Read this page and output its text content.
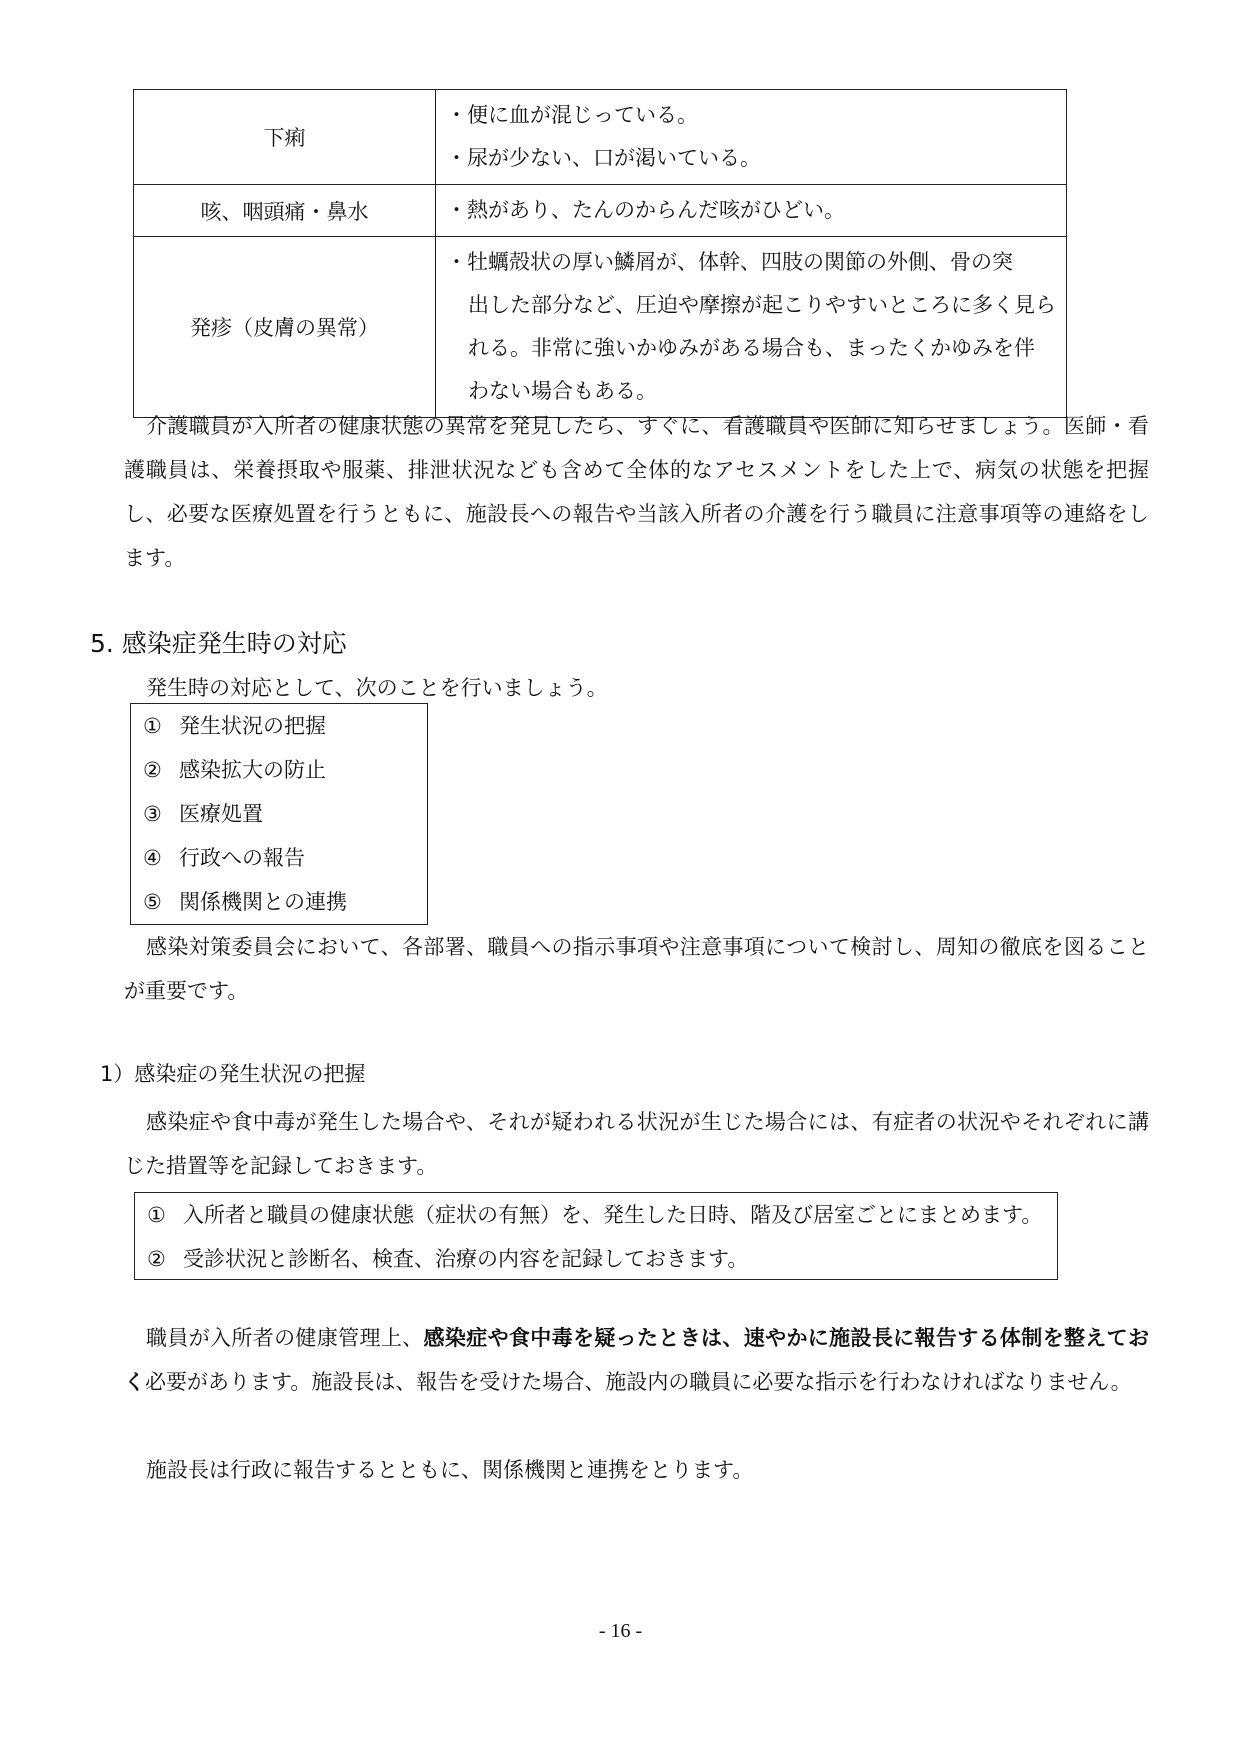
下痢	・便に血が混じっている。
・尿が少ない、口が渇いている。

咳、咽頭痛・鼻水	・熱があり、たんのからんだ咳がひどい。

発疹（皮膚の異常）	・牡蠣殻状の厚い鱗屑が、体幹、四肢の関節の外側、骨の突
出した部分など、圧迫や摩擦が起こりやすいところに多く見ら
れる。非常に強いかゆみがある場合も、まったくかゆみを伴
わない場合もある。

介護職員が入所者の健康状態の異常を発見したら、すぐに、看護職員や医師に知らせましょう。医師・看護職員は、栄養摂取や服薬、排泄状況なども含めて全体的なアセスメントをした上で、病気の状態を把握し、必要な医療処置を行うともに、施設長への報告や当該入所者の介護を行う職員に注意事項等の連絡をします。

5. 感染症発生時の対応

発生時の対応として、次のことを行いましょう。

① 発生状況の把握
② 感染拡大の防止
③ 医療処置
④ 行政への報告
⑤ 関係機関との連携

感染対策委員会において、各部署、職員への指示事項や注意事項について検討し、周知の徹底を図ることが重要です。

1）感染症の発生状況の把握

感染症や食中毒が発生した場合や、それが疑われる状況が生じた場合には、有症者の状況やそれぞれに講じた措置等を記録しておきます。

① 入所者と職員の健康状態（症状の有無）を、発生した日時、階及び居室ごとにまとめます。
② 受診状況と診断名、検査、治療の内容を記録しておきます。

職員が入所者の健康管理上、感染症や食中毒を疑ったときは、速やかに施設長に報告する体制を整えておく必要があります。施設長は、報告を受けた場合、施設内の職員に必要な指示を行わなければなりません。

施設長は行政に報告するとともに、関係機関と連携をとります。

- 16 -
